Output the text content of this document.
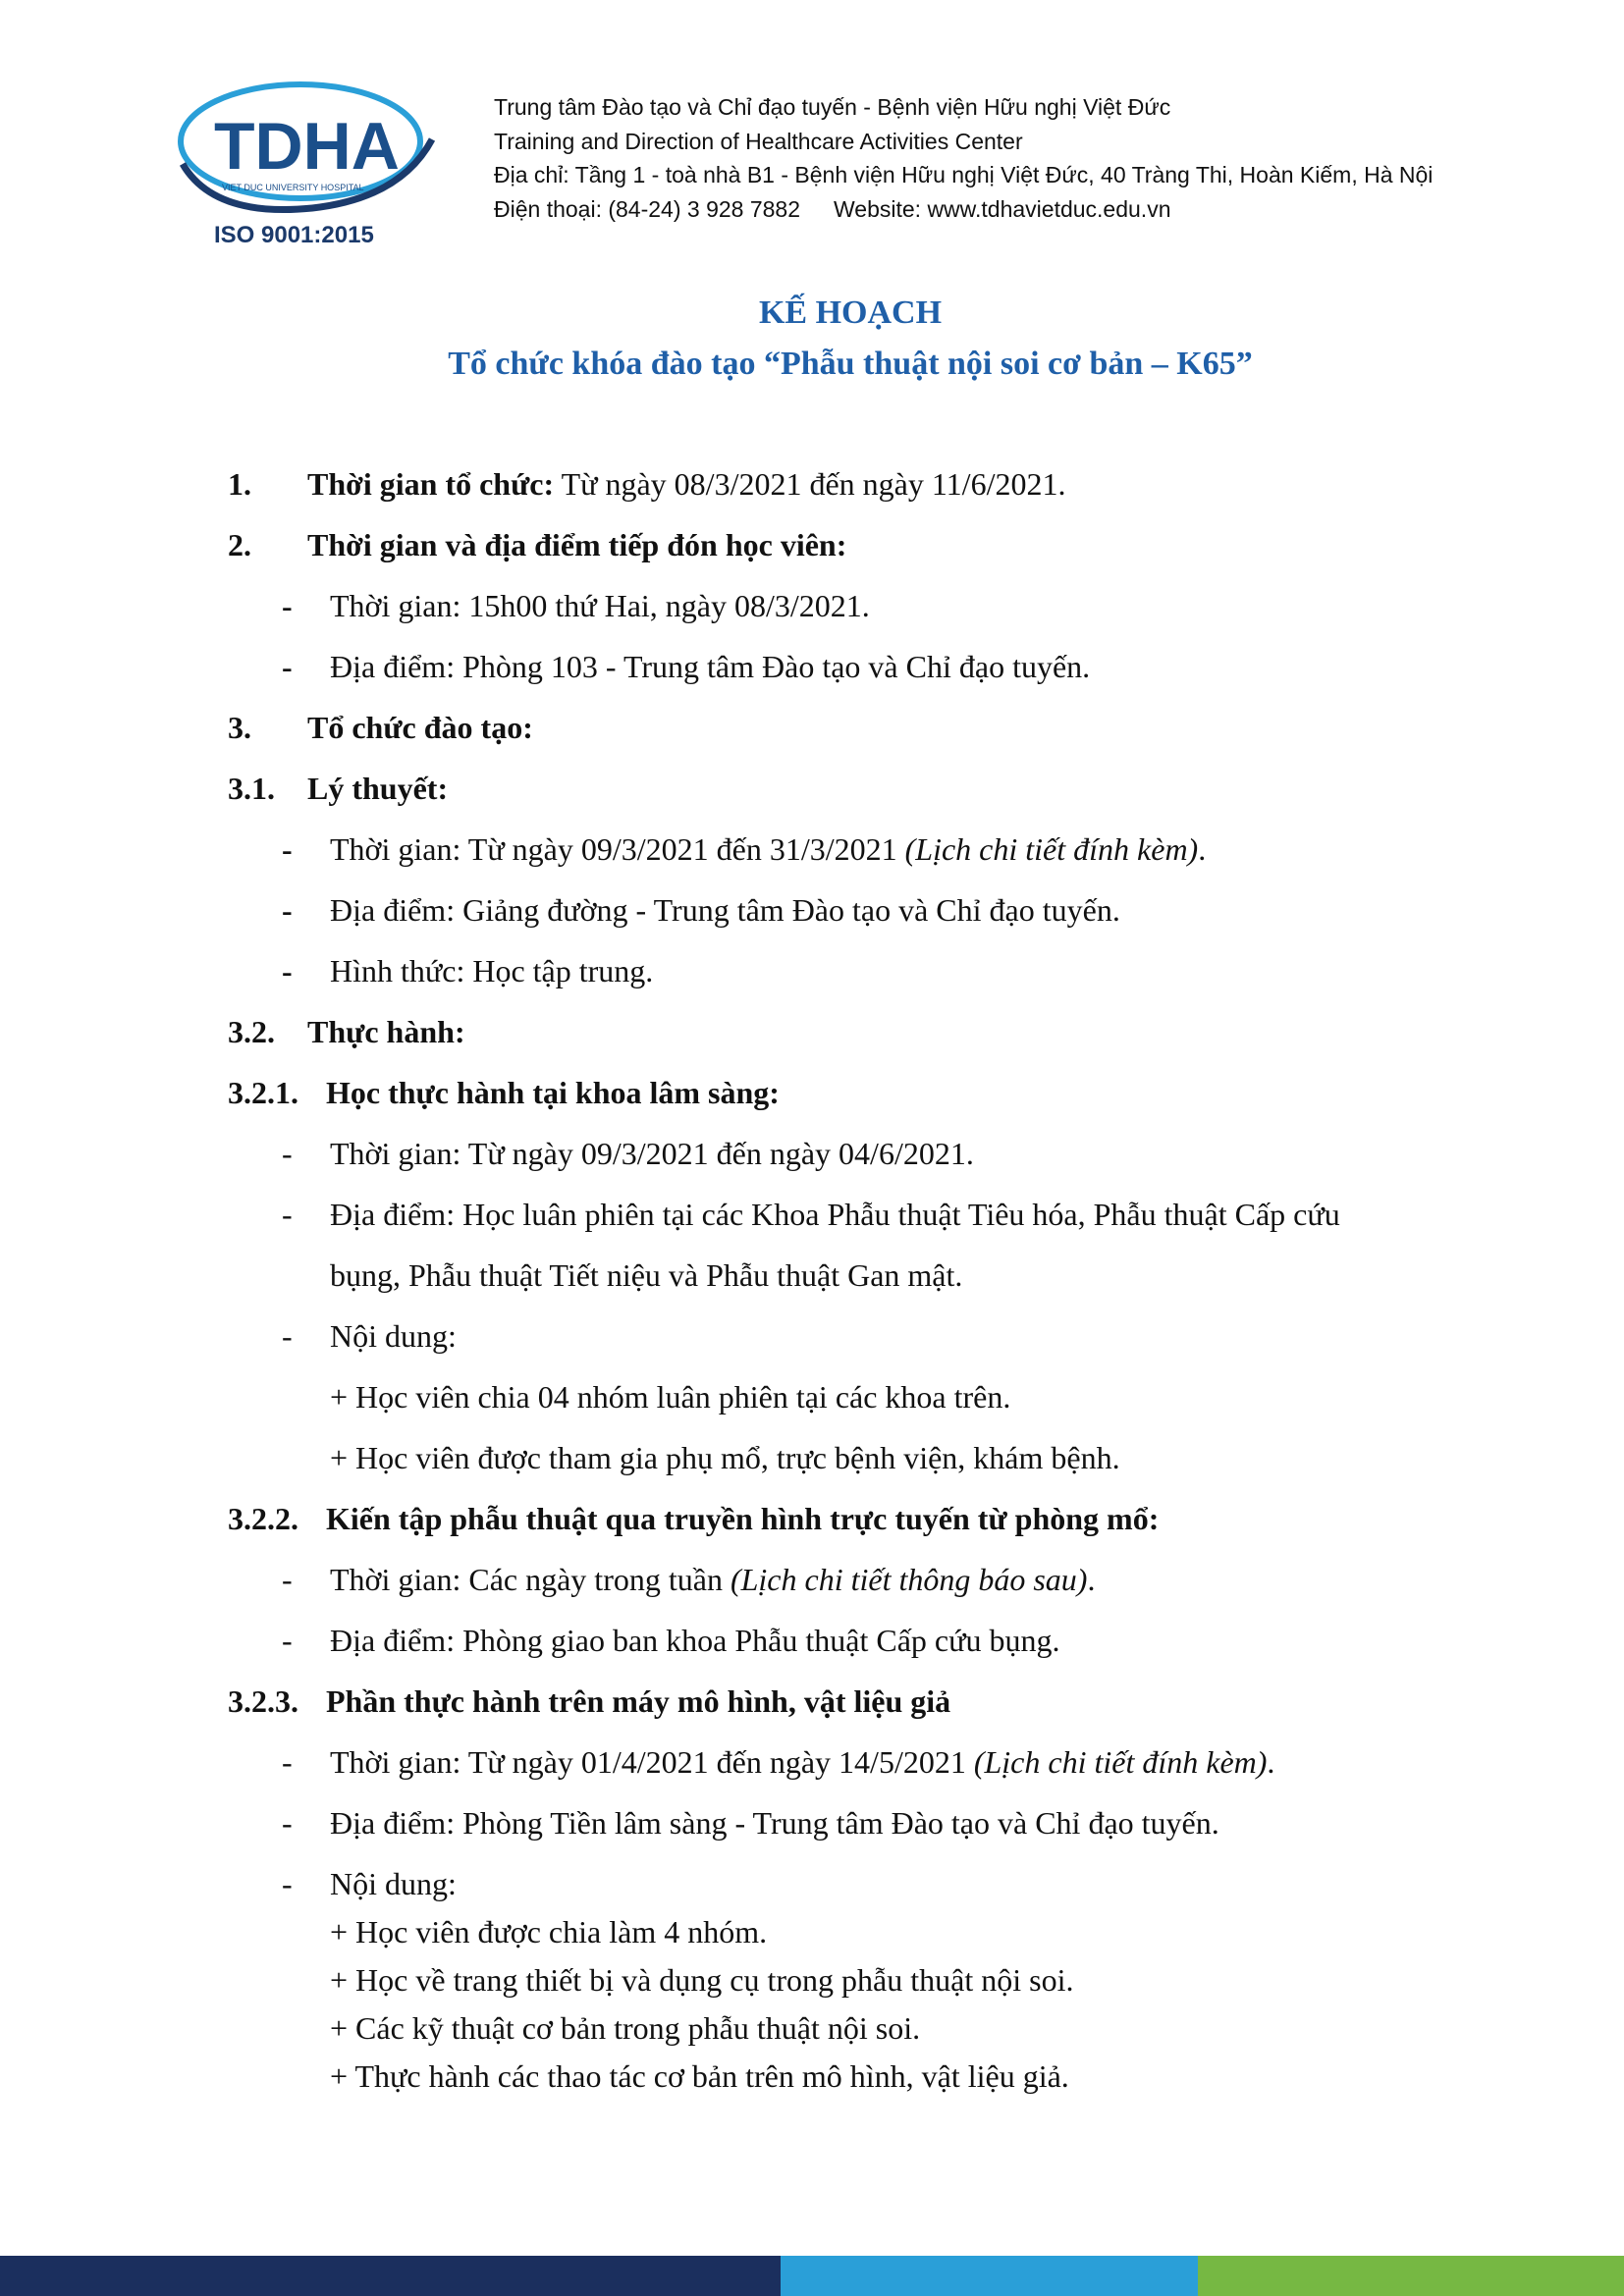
TDHA
VIET DUC UNIVERSITY HOSPITAL
ISO 9001:2015
Trung tâm Đào tạo và Chỉ đạo tuyến - Bệnh viện Hữu nghị Việt Đức
Training and Direction of Healthcare Activities Center
Địa chỉ: Tầng 1 - toà nhà B1 - Bệnh viện Hữu nghị Việt Đức, 40 Tràng Thi, Hoàn Kiếm, Hà Nội
Điện thoại: (84-24) 3 928 7882 Website: www.tdhavietduc.edu.vn
KẾ HOẠCH
Tổ chức khóa đào tạo “Phẫu thuật nội soi cơ bản – K65”
1. Thời gian tổ chức: Từ ngày 08/3/2021 đến ngày 11/6/2021.
2. Thời gian và địa điểm tiếp đón học viên:
- Thời gian: 15h00 thứ Hai, ngày 08/3/2021.
- Địa điểm: Phòng 103 - Trung tâm Đào tạo và Chỉ đạo tuyến.
3. Tổ chức đào tạo:
3.1. Lý thuyết:
- Thời gian: Từ ngày 09/3/2021 đến 31/3/2021 (Lịch chi tiết đính kèm).
- Địa điểm: Giảng đường - Trung tâm Đào tạo và Chỉ đạo tuyến.
- Hình thức: Học tập trung.
3.2. Thực hành:
3.2.1. Học thực hành tại khoa lâm sàng:
- Thời gian: Từ ngày 09/3/2021 đến ngày 04/6/2021.
- Địa điểm: Học luân phiên tại các Khoa Phẫu thuật Tiêu hóa, Phẫu thuật Cấp cứu
bụng, Phẫu thuật Tiết niệu và Phẫu thuật Gan mật.
- Nội dung:
+ Học viên chia 04 nhóm luân phiên tại các khoa trên.
+ Học viên được tham gia phụ mổ, trực bệnh viện, khám bệnh.
3.2.2. Kiến tập phẫu thuật qua truyền hình trực tuyến từ phòng mổ:
- Thời gian: Các ngày trong tuần (Lịch chi tiết thông báo sau).
- Địa điểm: Phòng giao ban khoa Phẫu thuật Cấp cứu bụng.
3.2.3. Phần thực hành trên máy mô hình, vật liệu giả
- Thời gian: Từ ngày 01/4/2021 đến ngày 14/5/2021 (Lịch chi tiết đính kèm).
- Địa điểm: Phòng Tiền lâm sàng - Trung tâm Đào tạo và Chỉ đạo tuyến.
- Nội dung:
+ Học viên được chia làm 4 nhóm.
+ Học về trang thiết bị và dụng cụ trong phẫu thuật nội soi.
+ Các kỹ thuật cơ bản trong phẫu thuật nội soi.
+ Thực hành các thao tác cơ bản trên mô hình, vật liệu giả.
